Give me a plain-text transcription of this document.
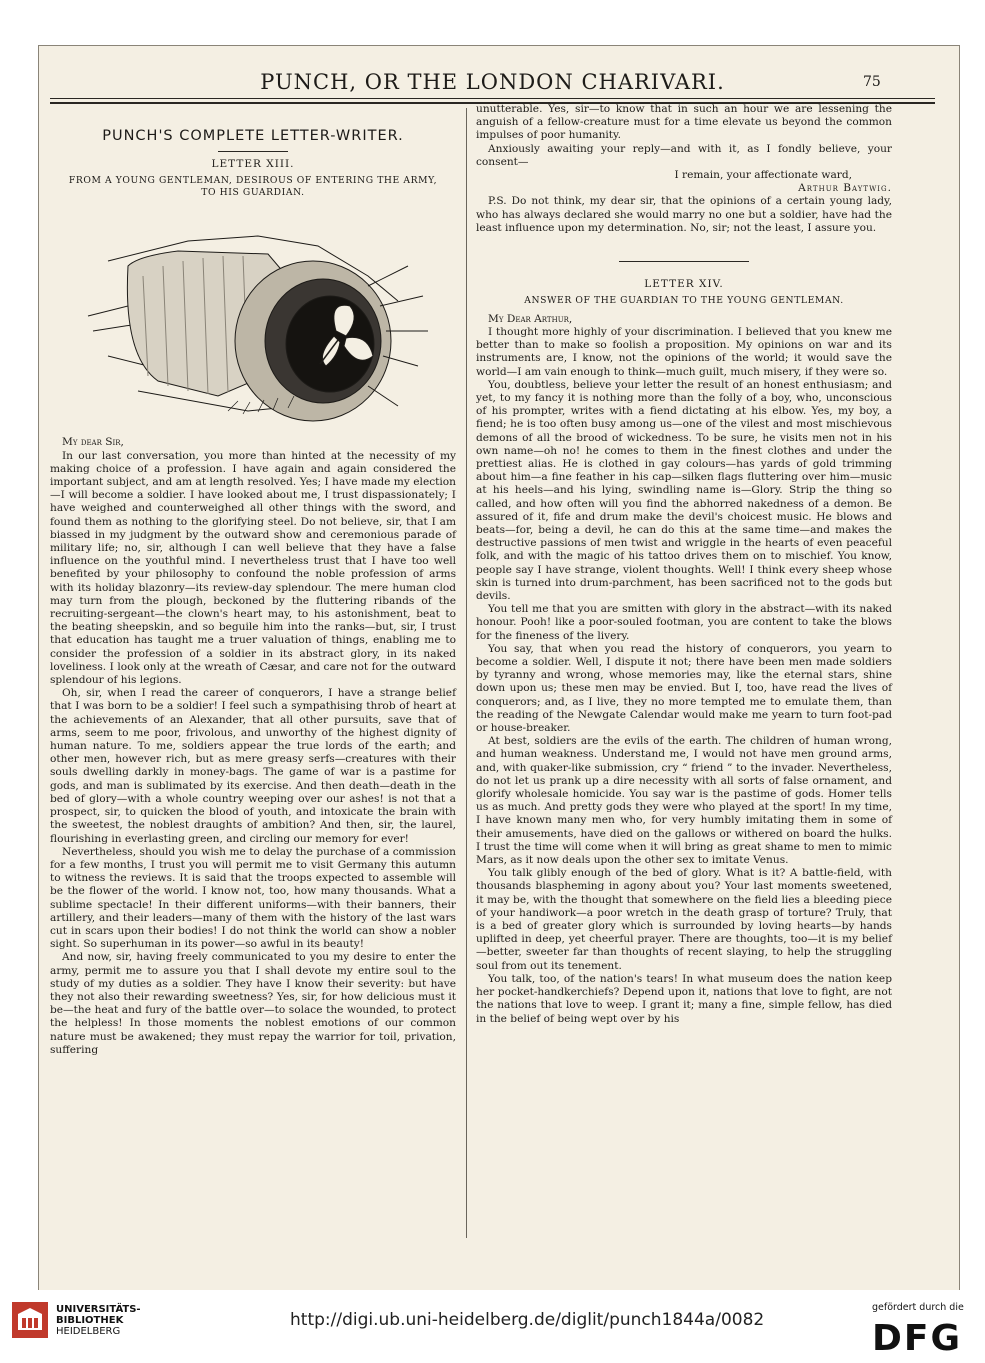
PUNCH, OR THE LONDON CHARIVARI.	75
PUNCH'S COMPLETE LETTER-WRITER.
LETTER XIII.
FROM A YOUNG GENTLEMAN, DESIROUS OF ENTERING THE ARMY, TO HIS GUARDIAN.

My dear Sir,

In our last conversation, you more than hinted at the necessity of my making choice of a profession. I have again and again considered the important subject, and am at length resolved. Yes; I have made my election—I will become a soldier. I have looked about me, I trust dispassionately; I have weighed and counterweighed all other things with the sword, and found them as nothing to the glorifying steel. Do not believe, sir, that I am biassed in my judgment by the outward show and ceremonious parade of military life; no, sir, although I can well believe that they have a false influence on the youthful mind. I nevertheless trust that I have too well benefited by your philosophy to confound the noble profession of arms with its holiday blazonry—its review-day splendour. The mere human clod may turn from the plough, beckoned by the fluttering ribands of the recruiting-sergeant—the clown's heart may, to his astonishment, beat to the beating sheepskin, and so beguile him into the ranks—but, sir, I trust that education has taught me a truer valuation of things, enabling me to consider the profession of a soldier in its abstract glory, in its naked loveliness. I look only at the wreath of Cæsar, and care not for the outward splendour of his legions.

Oh, sir, when I read the career of conquerors, I have a strange belief that I was born to be a soldier! I feel such a sympathising throb of heart at the achievements of an Alexander, that all other pursuits, save that of arms, seem to me poor, frivolous, and unworthy of the highest dignity of human nature. To me, soldiers appear the true lords of the earth; and other men, however rich, but as mere greasy serfs—creatures with their souls dwelling darkly in money-bags. The game of war is a pastime for gods, and man is sublimated by its exercise. And then death—death in the bed of glory—with a whole country weeping over our ashes! is not that a prospect, sir, to quicken the blood of youth, and intoxicate the brain with the sweetest, the noblest draughts of ambition? And then, sir, the laurel, flourishing in everlasting green, and circling our memory for ever!

Nevertheless, should you wish me to delay the purchase of a commission for a few months, I trust you will permit me to visit Germany this autumn to witness the reviews. It is said that the troops expected to assemble will be the flower of the world. I know not, too, how many thousands. What a sublime spectacle! In their different uniforms—with their banners, their artillery, and their leaders—many of them with the history of the last wars cut in scars upon their bodies! I do not think the world can show a nobler sight. So superhuman in its power—so awful in its beauty!

And now, sir, having freely communicated to you my desire to enter the army, permit me to assure you that I shall devote my entire soul to the study of my duties as a soldier. They have I know their severity: but have they not also their rewarding sweetness? Yes, sir, for how delicious must it be—the heat and fury of the battle over—to solace the wounded, to protect the helpless! In those moments the noblest emotions of our common nature must be awakened; they must repay the warrior for toil, privation, suffering

unutterable. Yes, sir—to know that in such an hour we are lessening the anguish of a fellow-creature must for a time elevate us beyond the common impulses of poor humanity.

Anxiously awaiting your reply—and with it, as I fondly believe, your consent—

I remain, your affectionate ward,

Arthur Baytwig.

P.S. Do not think, my dear sir, that the opinions of a certain young lady, who has always declared she would marry no one but a soldier, have had the least influence upon my determination. No, sir; not the least, I assure you.

LETTER XIV.
ANSWER OF THE GUARDIAN TO THE YOUNG GENTLEMAN.

My Dear Arthur,

I thought more highly of your discrimination. I believed that you knew me better than to make so foolish a proposition. My opinions on war and its instruments are, I know, not the opinions of the world; it would save the world—I am vain enough to think—much guilt, much misery, if they were so.

You, doubtless, believe your letter the result of an honest enthusiasm; and yet, to my fancy it is nothing more than the folly of a boy, who, unconscious of his prompter, writes with a fiend dictating at his elbow. Yes, my boy, a fiend; he is too often busy among us—one of the vilest and most mischievous demons of all the brood of wickedness. To be sure, he visits men not in his own name—oh no! he comes to them in the finest clothes and under the prettiest alias. He is clothed in gay colours—has yards of gold trimming about him—a fine feather in his cap—silken flags fluttering over him—music at his heels—and his lying, swindling name is—Glory. Strip the thing so called, and how often will you find the abhorred nakedness of a demon. Be assured of it, fife and drum make the devil's choicest music. He blows and beats—for, being a devil, he can do this at the same time—and makes the destructive passions of men twist and wriggle in the hearts of even peaceful folk, and with the magic of his tattoo drives them on to mischief. You know, people say I have strange, violent thoughts. Well! I think every sheep whose skin is turned into drum-parchment, has been sacrificed not to the gods but devils.

You tell me that you are smitten with glory in the abstract—with its naked honour. Pooh! like a poor-souled footman, you are content to take the blows for the fineness of the livery.

You say, that when you read the history of conquerors, you yearn to become a soldier. Well, I dispute it not; there have been men made soldiers by tyranny and wrong, whose memories may, like the eternal stars, shine down upon us; these men may be envied. But I, too, have read the lives of conquerors; and, as I live, they no more tempted me to emulate them, than the reading of the Newgate Calendar would make me yearn to turn foot-pad or house-breaker.

At best, soldiers are the evils of the earth. The children of human wrong, and human weakness. Understand me, I would not have men ground arms, and, with quaker-like submission, cry “ friend ” to the invader. Nevertheless, do not let us prank up a dire necessity with all sorts of false ornament, and glorify wholesale homicide. You say war is the pastime of gods. Homer tells us as much. And pretty gods they were who played at the sport! In my time, I have known many men who, for very humbly imitating them in some of their amusements, have died on the gallows or withered on board the hulks. I trust the time will come when it will bring as great shame to men to mimic Mars, as it now deals upon the other sex to imitate Venus.

You talk glibly enough of the bed of glory. What is it? A battle-field, with thousands blaspheming in agony about you? Your last moments sweetened, it may be, with the thought that somewhere on the field lies a bleeding piece of your handiwork—a poor wretch in the death grasp of torture? Truly, that is a bed of greater glory which is surrounded by loving hearts—by hands uplifted in deep, yet cheerful prayer. There are thoughts, too—it is my belief—better, sweeter far than thoughts of recent slaying, to help the struggling soul from out its tenement.

You talk, too, of the nation's tears! In what museum does the nation keep her pocket-handkerchiefs? Depend upon it, nations that love to fight, are not the nations that love to weep. I grant it; many a fine, simple fellow, has died in the belief of being wept over by his

UNIVERSITÄTS-
BIBLIOTHEK
HEIDELBERG
http://digi.ub.uni-heidelberg.de/diglit/punch1844a/0082
gefördert durch die
DFG
